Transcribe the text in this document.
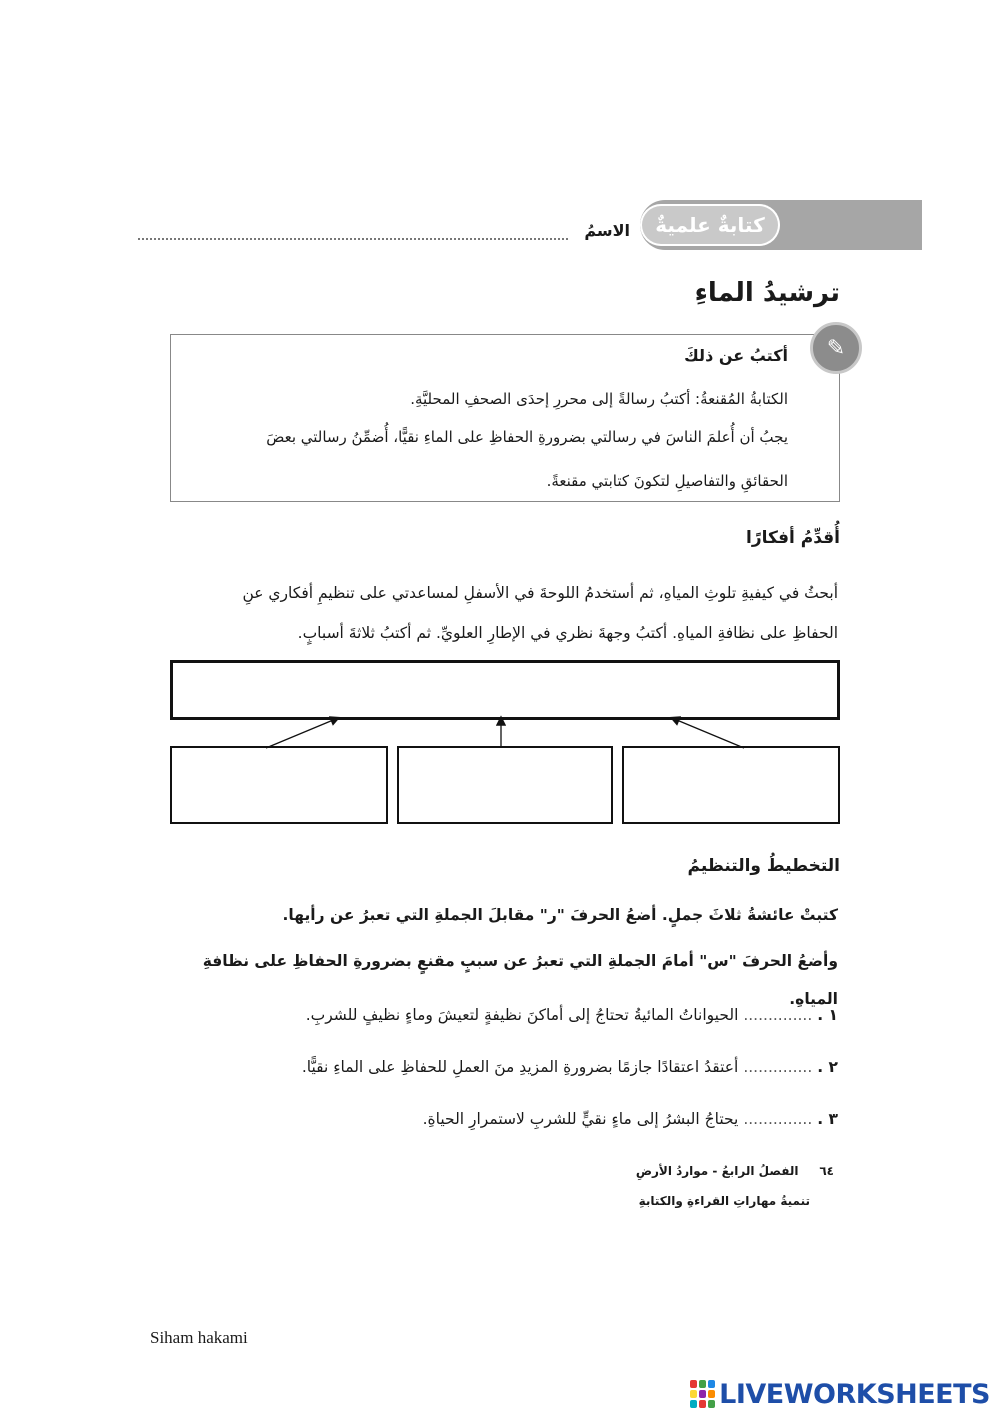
كتابةٌ علميةٌ
الاسمُ
ترشيدُ الماءِ
✎
أكتبُ عن ذلكَ
الكتابةُ المُقنعةُ: أكتبُ رسالةً إلى محررِ إحدَى الصحفِ المحليَّةِ.
يجبُ أن أُعلمَ الناسَ في رسالتي بضرورةِ الحفاظِ على الماءِ نقيًّا، أُضمِّنُ رسالتي بعضَ
الحقائقِ والتفاصيلِ لتكونَ كتابتي مقنعةً.
أُقدِّمُ أفكارًا
أبحثُ في كيفيةِ تلوثِ المياهِ، ثم أستخدمُ اللوحةَ في الأسفلِ لمساعدتي على تنظيمِ أفكاري عنِ
الحفاظِ على نظافةِ المياهِ. أكتبُ وجهةَ نظري في الإطارِ العلويِّ. ثم أكتبُ ثلاثةَ أسبابٍ.
التخطيطُ والتنظيمُ
كتبتْ عائشةُ ثلاثَ جملٍ. أضعُ الحرفَ "ر" مقابلَ الجملةِ التي تعبرُ عن رأيها.
وأضعُ الحرفَ "س" أمامَ الجملةِ التي تعبرُ عن سببٍ مقنعٍ بضرورةِ الحفاظِ على نظافةِ المياهِ.
١ . .............. الحيواناتُ المائيةُ تحتاجُ إلى أماكنَ نظيفةٍ لتعيشَ وماءٍ نظيفٍ للشربِ.
٢ . .............. أعتقدُ اعتقادًا جازمًا بضرورةِ المزيدِ منَ العملِ للحفاظِ على الماءِ نقيًّا.
٣ . .............. يحتاجُ البشرُ إلى ماءٍ نقيٍّ للشربِ لاستمرارِ الحياةِ.
٦٤     الفصلُ الرابعُ - مواردُ الأرضِ
تنميةُ مهاراتِ القراءةِ والكتابةِ
Siham hakami
LIVEWORKSHEETS
